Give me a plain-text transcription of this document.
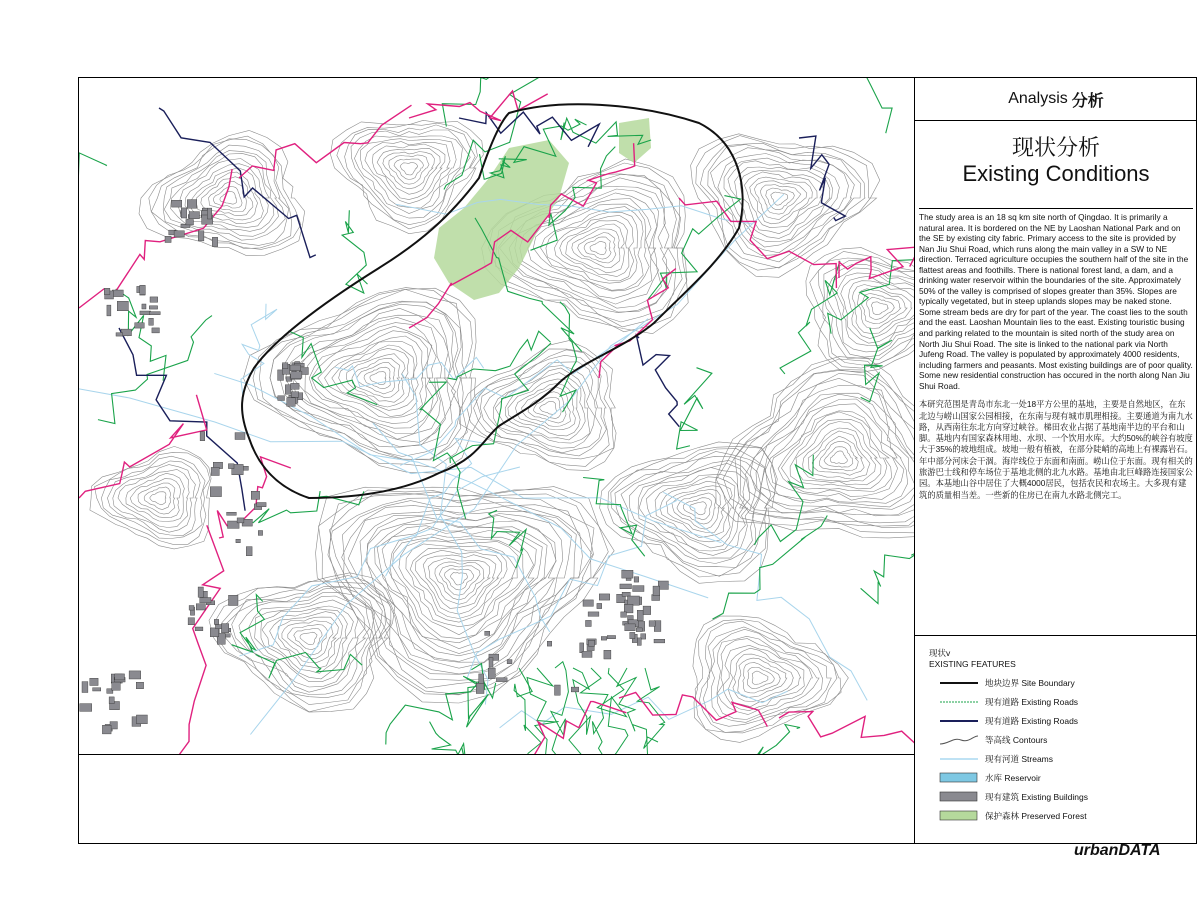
Analysis 分析
现状分析
Existing Conditions
The study area is an 18 sq km site north of Qingdao. It is primarily a natural area. It is bordered on the NE by Laoshan National Park and on the SE by existing city fabric. Primary access to the site is provided by Nan Jiu Shui Road, which runs along the main valley in a SW to NE direction. Terraced agriculture occupies the southern half of the site in the flattest areas and foothills. There is national forest land, a dam, and a drinking water reservoir within the boundaries of the site. Approximately 50% of the valley is comprised of slopes greater than 35%. Slopes are typically vegetated, but in steep uplands slopes may be naked stone. Some stream beds are dry for part of the year. The coast lies to the south and the east. Laoshan Mountain lies to the east. Existing touristic busing and parking related to the mountain is sited north of the study area on North Jiu Shui Road. The site is linked to the national park via North Jufeng Road. The valley is populated by approximately 4000 residents, including farmers and peasants. Most existing buildings are of poor quality. Some new residential construction has occured in the north along Nan Jiu Shui Road.
本研究范围是青岛市东北一处18平方公里的基地，主要是自然地区，在东北边与崂山国家公园相接，在东南与现有城市肌理相接。主要通道为南九水路，从西南往东北方向穿过峡谷。梯田农业占据了基地南半边的平台和山脚。基地内有国家森林用地、水坝、一个饮用水库。大约50%的峡谷有坡度大于35%的坡地组成。坡地一般有植被，在部分陡峭的高地上有裸露岩石。年中部分河床会干涸。海岸线位于东面和南面。崂山位于东面。现有相关的旅游巴士线和停车场位于基地北侧的北九水路。基地由北巨峰路连接国家公园。本基地山谷中居住了大概4000居民，包括农民和农场主。大多现有建筑的质量相当差。一些新的住房已在南九水路北侧完工。
现状v
EXISTING FEATURES
地块边界 Site Boundary
现有道路 Existing Roads
现有道路 Existing Roads
等高线 Contours
现有河道 Streams
水库 Reservoir
现有建筑 Existing Buildings
保护森林 Preserved Forest
urbanDATA
